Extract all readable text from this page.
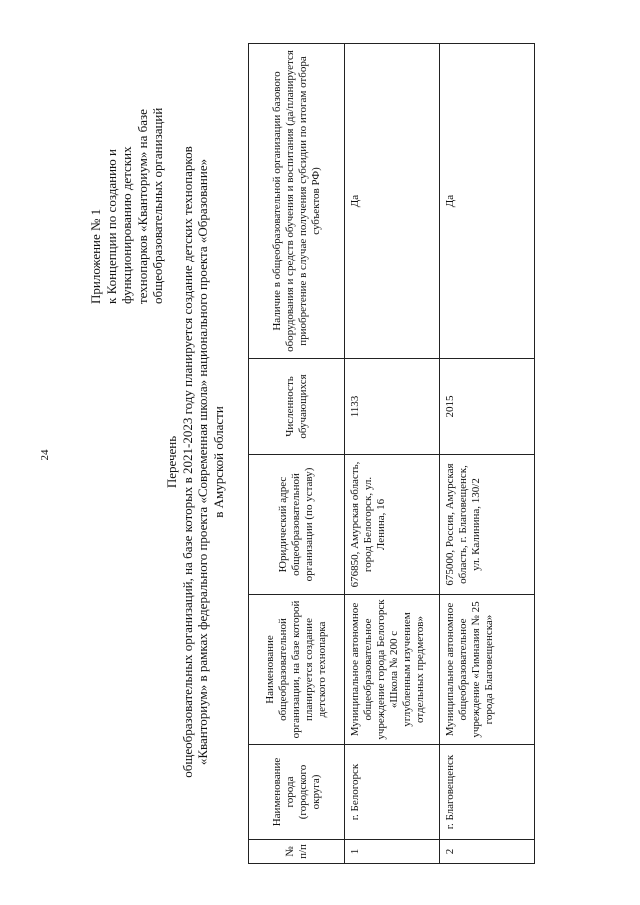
24
Приложение № 1 к Концепции по созданию и функционированию детских технопарков «Кванториум» на базе общеобразовательных организаций
Перечень общеобразовательных организаций, на базе которых в 2021-2023 году планируется создание детских технопарков «Кванториум» в рамках федерального проекта «Современная школа» национального проекта «Образование» в Амурской области
№ п/п	Наименование города (городского округа)	Наименование общеобразовательной организации, на базе которой планируется создание детского технопарка	Юридический адрес общеобразовательной организации (по уставу)	Численность обучающихся	Наличие в общеобразовательной организации базового оборудования и средств обучения и воспитания (да/планируется приобретение в случае получения субсидии по итогам отбора субъектов РФ)
1	г. Белогорск	Муниципальное автономное общеобразовательное учреждение города Белогорск «Школа № 200 с углубленным изучением отдельных предметов»	676850, Амурская область, город Белогорск, ул. Ленина, 16	1133	Да
2	г. Благовещенск	Муниципальное автономное общеобразовательное учреждение «Гимназия № 25 города Благовещенска»	675000, Россия, Амурская область, г. Благовещенск, ул. Калинина, 130/2	2015	Да
